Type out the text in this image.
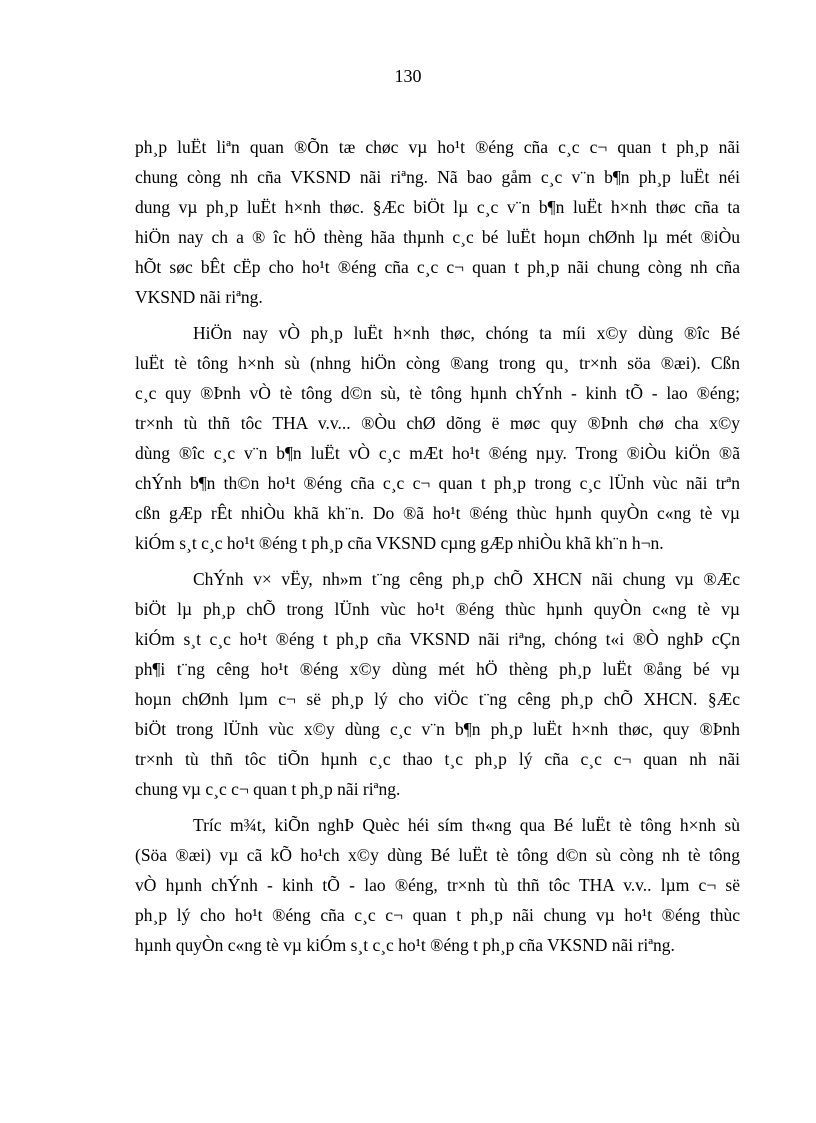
130
ph¸p luËt liªn quan ®Õn tæ chøc vµ ho¹t ®éng cña c¸c c¬ quan t ph¸p nãi
chung còng nh cña VKSND nãi riªng. Nã bao gåm c¸c v¨n b¶n ph¸p luËt néi
dung vµ ph¸p luËt h×nh thøc. §Æc biÖt lµ c¸c v¨n b¶n luËt h×nh thøc cña ta
hiÖn nay ch a ® îc hÖ thèng hãa thµnh c¸c bé luËt hoµn chØnh lµ mét ®iÒu
hÕt søc bÊt cËp cho ho¹t ®éng cña c¸c c¬ quan t ph¸p nãi chung còng nh cña
VKSND nãi riªng.
HiÖn nay vÒ ph¸p luËt h×nh thøc, chóng ta míi x©y dùng ®îc Bé
luËt tè tông h×nh sù (nhng hiÖn còng ®ang trong qu¸ tr×nh söa ®æi). Cßn
c¸c quy ®Þnh vÒ tè tông d©n sù, tè tông hµnh chÝnh - kinh tÕ - lao ®éng;
tr×nh tù thñ tôc THA v.v... ®Òu chØ dõng ë møc quy ®Þnh chø cha x©y
dùng ®îc c¸c v¨n b¶n luËt vÒ c¸c mÆt ho¹t ®éng nµy. Trong ®iÒu kiÖn ®ã
chÝnh b¶n th©n ho¹t ®éng cña c¸c c¬ quan t ph¸p trong c¸c lÜnh vùc nãi trªn
cßn gÆp rÊt nhiÒu khã kh¨n. Do ®ã ho¹t ®éng thùc hµnh quyÒn c«ng tè vµ
kiÓm s¸t c¸c ho¹t ®éng t ph¸p cña VKSND cµng gÆp nhiÒu khã kh¨n h¬n.
ChÝnh v× vËy, nh»m t¨ng cêng ph¸p chÕ XHCN nãi chung vµ ®Æc
biÖt lµ ph¸p chÕ trong lÜnh vùc ho¹t ®éng thùc hµnh quyÒn c«ng tè vµ
kiÓm s¸t c¸c ho¹t ®éng t ph¸p cña VKSND nãi riªng, chóng t«i ®Ò nghÞ cÇn
ph¶i t¨ng cêng ho¹t ®éng x©y dùng mét hÖ thèng ph¸p luËt ®ång bé vµ
hoµn chØnh lµm c¬ së ph¸p lý cho viÖc t¨ng cêng ph¸p chÕ XHCN. §Æc
biÖt trong lÜnh vùc x©y dùng c¸c v¨n b¶n ph¸p luËt h×nh thøc, quy ®Þnh
tr×nh tù thñ tôc tiÕn hµnh c¸c thao t¸c ph¸p lý cña c¸c c¬ quan nh nãi
chung vµ c¸c c¬ quan t ph¸p nãi riªng.
Tríc m¾t, kiÕn nghÞ Quèc héi sím th«ng qua Bé luËt tè tông h×nh sù
(Söa ®æi) vµ cã kÕ ho¹ch x©y dùng Bé luËt tè tông d©n sù còng nh tè tông
vÒ hµnh chÝnh - kinh tÕ - lao ®éng, tr×nh tù thñ tôc THA v.v.. lµm c¬ së
ph¸p lý cho ho¹t ®éng cña c¸c c¬ quan t ph¸p nãi chung vµ ho¹t ®éng thùc
hµnh quyÒn c«ng tè vµ kiÓm s¸t c¸c ho¹t ®éng t ph¸p cña VKSND nãi riªng.
